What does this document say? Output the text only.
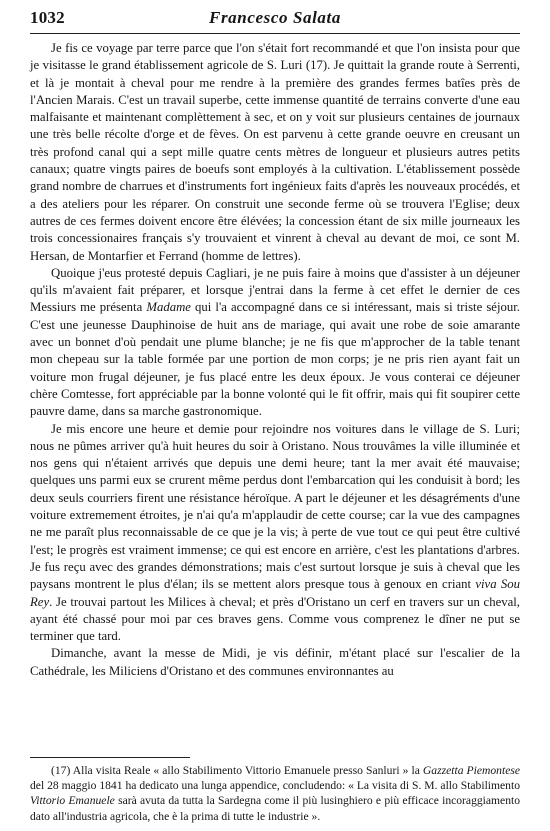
1032	Francesco Salata

Je fis ce voyage par terre parce que l'on s'était fort recommandé et que l'on insista pour que je visitasse le grand établissement agricole de S. Luri (17). Je quittait la grande route à Serrenti, et là je montait à cheval pour me rendre à la première des grandes fermes batîes près de l'Ancien Marais. C'est un travail superbe, cette immense quantité de terrains converte d'une eau malfaisante et maintenant complèttement à sec, et on y voit sur plusieurs centaines de journaux une très belle récolte d'orge et de fèves. On est parvenu à cette grande oeuvre en creusant un très profond canal qui a sept mille quatre cents mètres de longueur et plusieurs autres petits canaux; quatre vingts paires de boeufs sont employés à la cultivation. L'établissement possède grand nombre de charrues et d'instruments fort ingénieux faits d'après les nouveaux procédés, et a des ateliers pour les réparer. On construit une seconde ferme où se trouvera l'Eglise; deux autres de ces fermes doivent encore être élévées; la concession étant de six mille journeaux les trois concessionaires français s'y trouvaient et vinrent à cheval au devant de moi, ce sont M. Hersan, de Montarfier et Ferrand (homme de lettres).

Quoique j'eus protesté depuis Cagliari, je ne puis faire à moins que d'assister à un déjeuner qu'ils m'avaient fait préparer, et lorsque j'entrai dans la ferme à cet effet le dernier de ces Messiurs me présenta Madame qui l'a accompagné dans ce si intéressant, mais si triste séjour. C'est une jeunesse Dauphinoise de huit ans de mariage, qui avait une robe de soie amarante avec un bonnet d'où pendait une plume blanche; je ne fis que m'approcher de la table tenant mon chepeau sur la table formée par une portion de mon corps; je ne pris rien ayant fait un voiture mon frugal déjeuner, je fus placé entre les deux époux. Je vous conterai ce déjeuner chère Comtesse, fort appréciable par la bonne volonté qui le fit offrir, mais qui fit soupirer cette pauvre dame, dans sa marche gastronomique.

Je mis encore une heure et demie pour rejoindre nos voitures dans le village de S. Luri; nous ne pûmes arriver qu'à huit heures du soir à Oristano. Nous trouvâmes la ville illuminée et nos gens qui n'étaient arrivés que depuis une demi heure; tant la mer avait été mauvaise; quelques uns parmi eux se crurent même perdus dont l'embarcation qui les conduisit à bord; les deux seuls courriers firent une résistance héroïque. A part le déjeuner et les désagréments d'une voiture extremement étroites, je n'ai qu'a m'applaudir de cette course; car la vue des campagnes ne me paraît plus reconnaissable de ce que je la vis; à perte de vue tout ce qui peut être cultivé l'est; le progrès est vraiment immense; ce qui est encore en arrière, c'est les plantations d'arbres. Je fus reçu avec des grandes démonstrations; mais c'est surtout lorsque je suis à cheval que les paysans montrent le plus d'élan; ils se mettent alors presque tous à genoux en criant viva Sou Rey. Je trouvai partout les Milices à cheval; et près d'Oristano un cerf en travers sur un cheval, ayant été chassé pour moi par ces braves gens. Comme vous comprenez le dîner ne put se terminer que tard.

Dimanche, avant la messe de Midi, je vis définir, m'étant placé sur l'escalier de la Cathédrale, les Miliciens d'Oristano et des communes environnantes au

(17) Alla visita Reale « allo Stabilimento Vittorio Emanuele presso Sanluri » la Gazzetta Piemontese del 28 maggio 1841 ha dedicato una lunga appendice, concludendo: « La visita di S. M. allo Stabilimento Vittorio Emanuele sarà avuta da tutta la Sardegna come il più lusinghiero e più efficace incoraggiamento dato all'industria agricola, che è la prima di tutte le industrie ».
